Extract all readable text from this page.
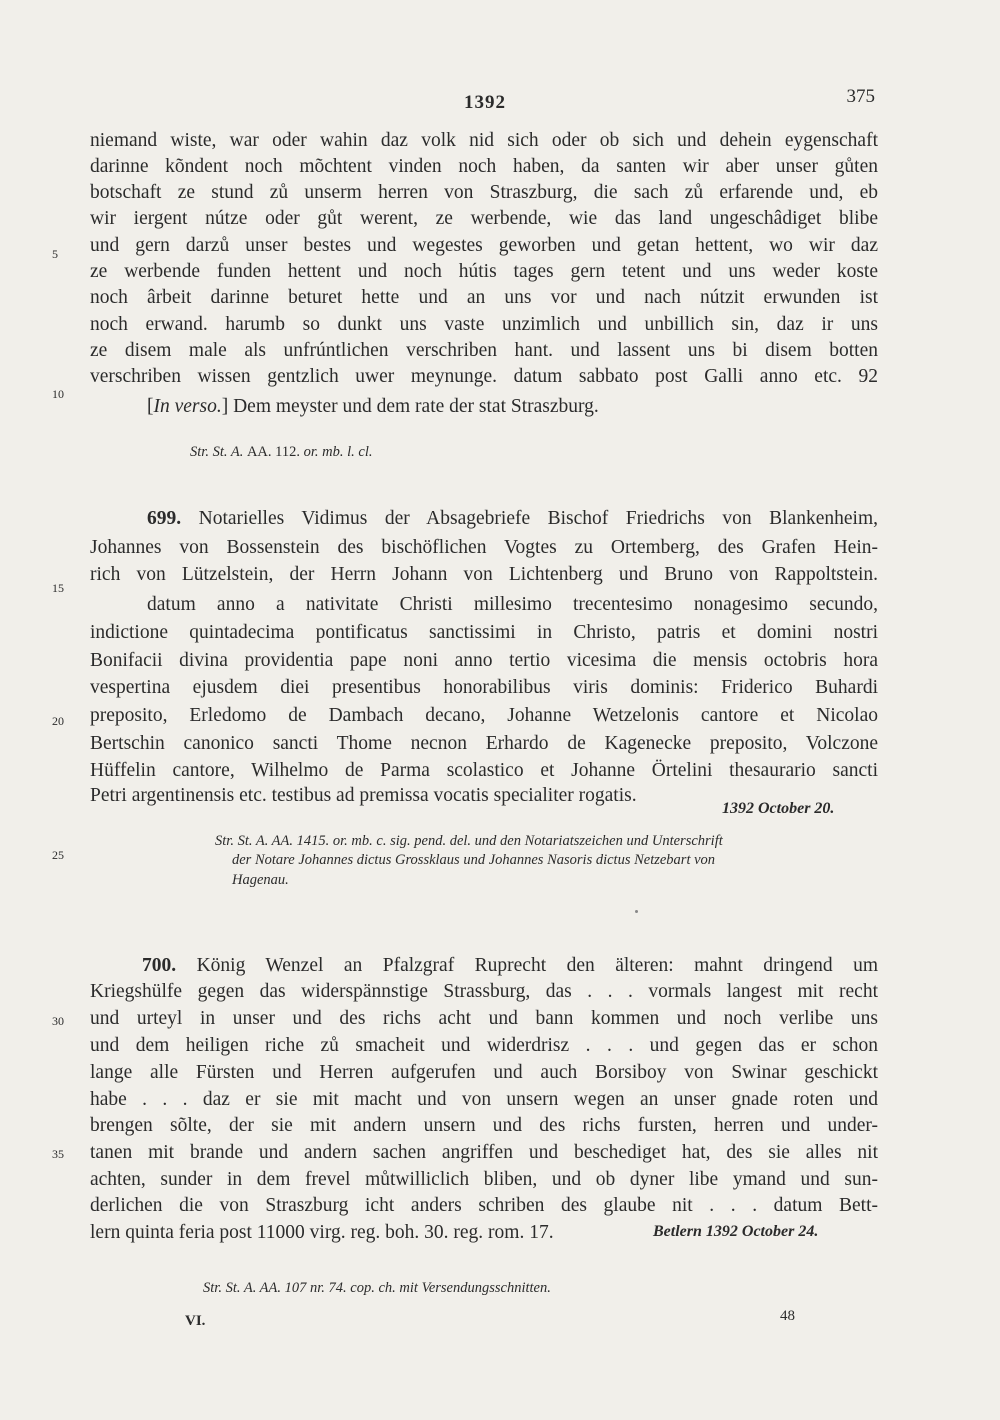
1392	375
niemand wiste, war oder wahin daz volk nid sich oder ob sich und dehein eygenschaft
darinne kõndent noch mõchtent vinden noch haben, da santen wir aber unser gůten
botschaft ze stund zů unserm herren von Straszburg, die sach zů erfarende und, eb
wir iergent nútze oder gůt werent, ze werbende, wie das land ungeschâdiget blibe
und gern darzů unser bestes und wegestes geworben und getan hettent, wo wir daz
ze werbende funden hettent und noch hútis tages gern tetent und uns weder koste
noch ârbeit darinne beturet hette und an uns vor und nach nútzit erwunden ist
noch erwand. harumb so dunkt uns vaste unzimlich und unbillich sin, daz ir uns
ze disem male als unfrúntlichen verschriben hant. und lassent uns bi disem botten
verschriben wissen gentzlich uwer meynunge. datum sabbato post Galli anno etc. 92
[In verso.] Dem meyster und dem rate der stat Straszburg.
Str. St. A. AA. 112. or. mb. l. cl.
699. Notarielles Vidimus der Absagebriefe Bischof Friedrichs von Blankenheim,
Johannes von Bossenstein des bischöflichen Vogtes zu Ortemberg, des Grafen Hein-
rich von Lützelstein, der Herrn Johann von Lichtenberg und Bruno von Rappoltstein.
datum anno a nativitate Christi millesimo trecentesimo nonagesimo secundo,
indictione quintadecima pontificatus sanctissimi in Christo, patris et domini nostri
Bonifacii divina providentia pape noni anno tertio vicesima die mensis octobris hora
vespertina ejusdem diei presentibus honorabilibus viris dominis: Friderico Buhardi
preposito, Erledomo de Dambach decano, Johanne Wetzelonis cantore et Nicolao
Bertschin canonico sancti Thome necnon Erhardo de Kagenecke preposito, Volczone
Hüffelin cantore, Wilhelmo de Parma scolastico et Johanne Örtelini thesaurario sancti
Petri argentinensis etc. testibus ad premissa vocatis specialiter rogatis.
1392 October 20.
Str. St. A. AA. 1415. or. mb. c. sig. pend. del. und den Notariatszeichen und Unterschrift
der Notare Johannes dictus Grossklaus und Johannes Nasoris dictus Netzebart von
Hagenau.
700. König Wenzel an Pfalzgraf Ruprecht den älteren: mahnt dringend um
Kriegshülfe gegen das widerspännstige Strassburg, das . . . vormals langest mit recht
und urteyl in unser und des richs acht und bann kommen und noch verlibe uns
und dem heiligen riche zů smacheit und widerdrisz . . . und gegen das er schon
lange alle Fürsten und Herren aufgerufen und auch Borsiboy von Swinar geschickt
habe . . . daz er sie mit macht und von unsern wegen an unser gnade roten und
brengen sõlte, der sie mit andern unsern und des richs fursten, herren und under-
tanen mit brande und andern sachen angriffen und beschediget hat, des sie alles nit
achten, sunder in dem frevel můtwilliclich bliben, und ob dyner libe ymand und sun-
derlichen die von Straszburg icht anders schriben des glaube nit . . . datum Bett-
lern quinta feria post 11000 virg. reg. boh. 30. reg. rom. 17.	Betlern 1392 October 24.
Str. St. A. AA. 107 nr. 74. cop. ch. mit Versendungsschnitten.
5
10
15
20
25
30
35
VI.	48
